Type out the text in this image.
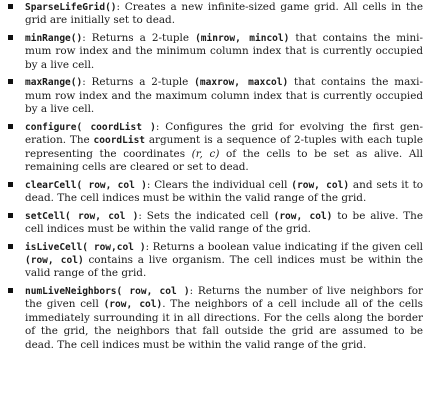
SparseLifeGrid(): Creates a new infinite-sized game grid. All cells in the grid are initially set to dead.
minRange(): Returns a 2-tuple (minrow, mincol) that contains the mini-mum row index and the minimum column index that is currently occupied by a live cell.
maxRange(): Returns a 2-tuple (maxrow, maxcol) that contains the maxi-mum row index and the maximum column index that is currently occupied by a live cell.
configure( coordList ): Configures the grid for evolving the first gen-eration. The coordList argument is a sequence of 2-tuples with each tuple representing the coordinates (r, c) of the cells to be set as alive. All remaining cells are cleared or set to dead.
clearCell( row, col ): Clears the individual cell (row, col) and sets it to dead. The cell indices must be within the valid range of the grid.
setCell( row, col ): Sets the indicated cell (row, col) to be alive. The cell indices must be within the valid range of the grid.
isLiveCell( row,col ): Returns a boolean value indicating if the given cell (row, col) contains a live organism. The cell indices must be within the valid range of the grid.
numLiveNeighbors( row, col ): Returns the number of live neighbors for the given cell (row, col). The neighbors of a cell include all of the cells immediately surrounding it in all directions. For the cells along the border of the grid, the neighbors that fall outside the grid are assumed to be dead. The cell indices must be within the valid range of the grid.
